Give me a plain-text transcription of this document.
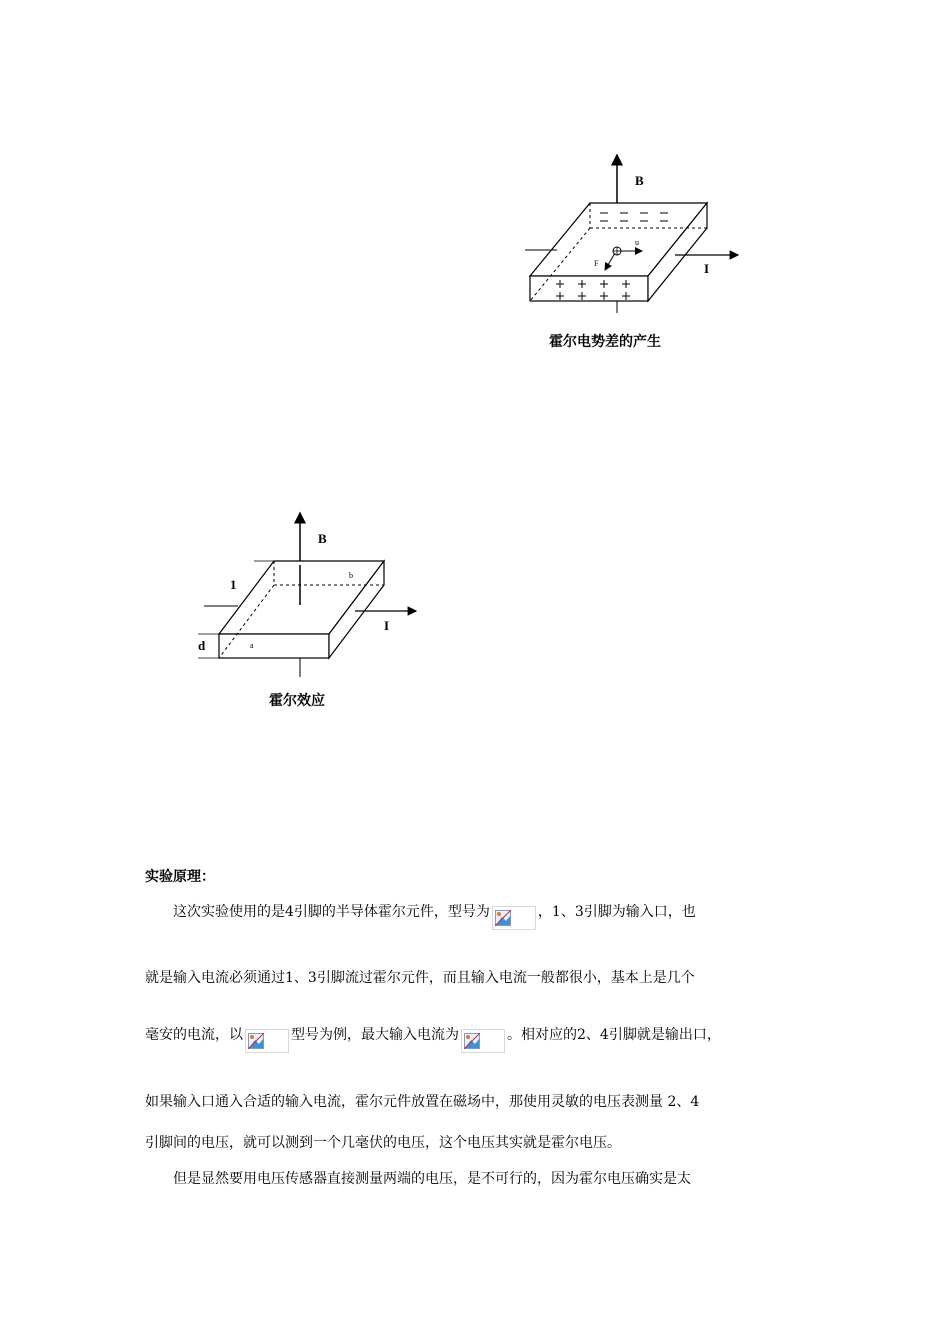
B
I
u
F
霍尔电势差的产生
B
I
1
d	a
b
霍尔效应
实验原理：
这次实验使用的是4引脚的半导体霍尔元件，型号为	，1、3引脚为输入口，也
就是输入电流必须通过1、3引脚流过霍尔元件，而且输入电流一般都很小，基本上是几个
毫安的电流，以	型号为例，最大输入电流为	。相对应的2、4引脚就是输出口，
如果输入口通入合适的输入电流，霍尔元件放置在磁场中，那使用灵敏的电压表测量 2、4
引脚间的电压，就可以测到一个几毫伏的电压，这个电压其实就是霍尔电压。
但是显然要用电压传感器直接测量两端的电压，是不可行的，因为霍尔电压确实是太
